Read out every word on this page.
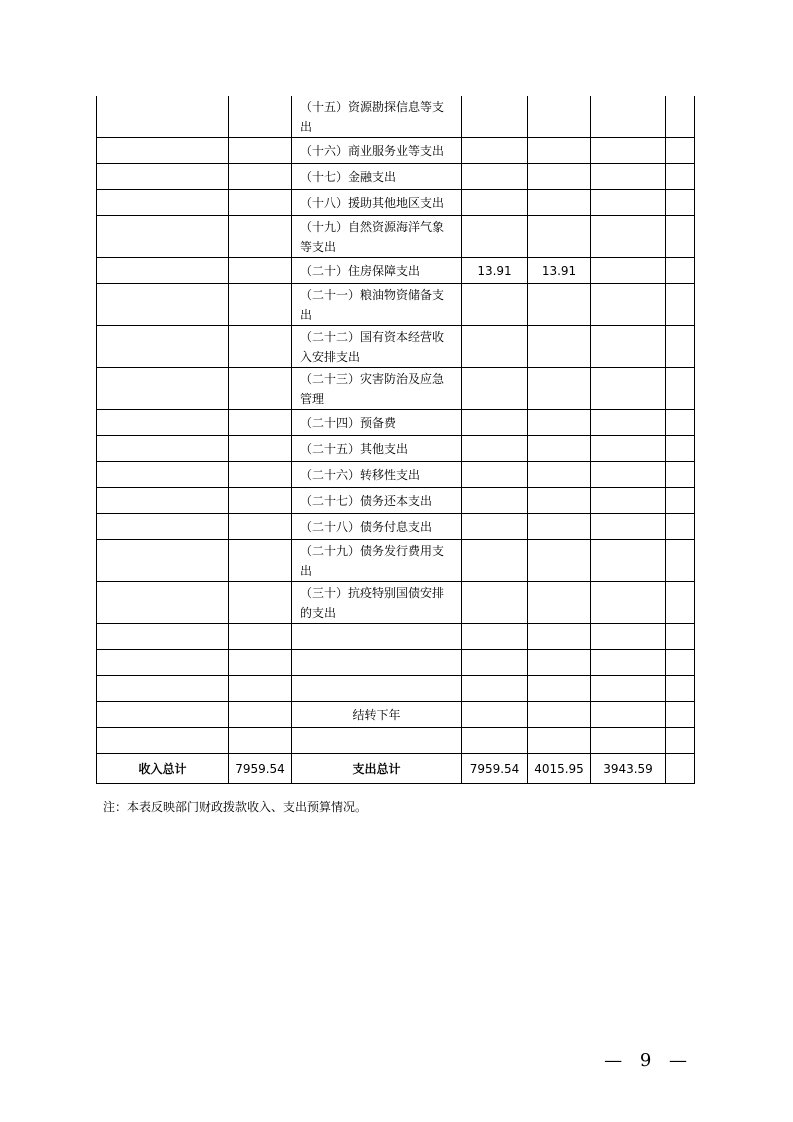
		（十五）资源勘探信息等支出				
		（十六）商业服务业等支出				
		（十七）金融支出				
		（十八）援助其他地区支出				
		（十九）自然资源海洋气象等支出				
		（二十）住房保障支出	13.91	13.91		
		（二十一）粮油物资储备支出				
		（二十二）国有资本经营收入安排支出				
		（二十三）灾害防治及应急管理				
		（二十四）预备费				
		（二十五）其他支出				
		（二十六）转移性支出				
		（二十七）债务还本支出				
		（二十八）债务付息支出				
		（二十九）债务发行费用支出				
		（三十）抗疫特别国债安排的支出				

		结转下年				

收入总计	7959.54	支出总计	7959.54	4015.95	3943.59	

注：本表反映部门财政拨款收入、支出预算情况。

— 9 —
